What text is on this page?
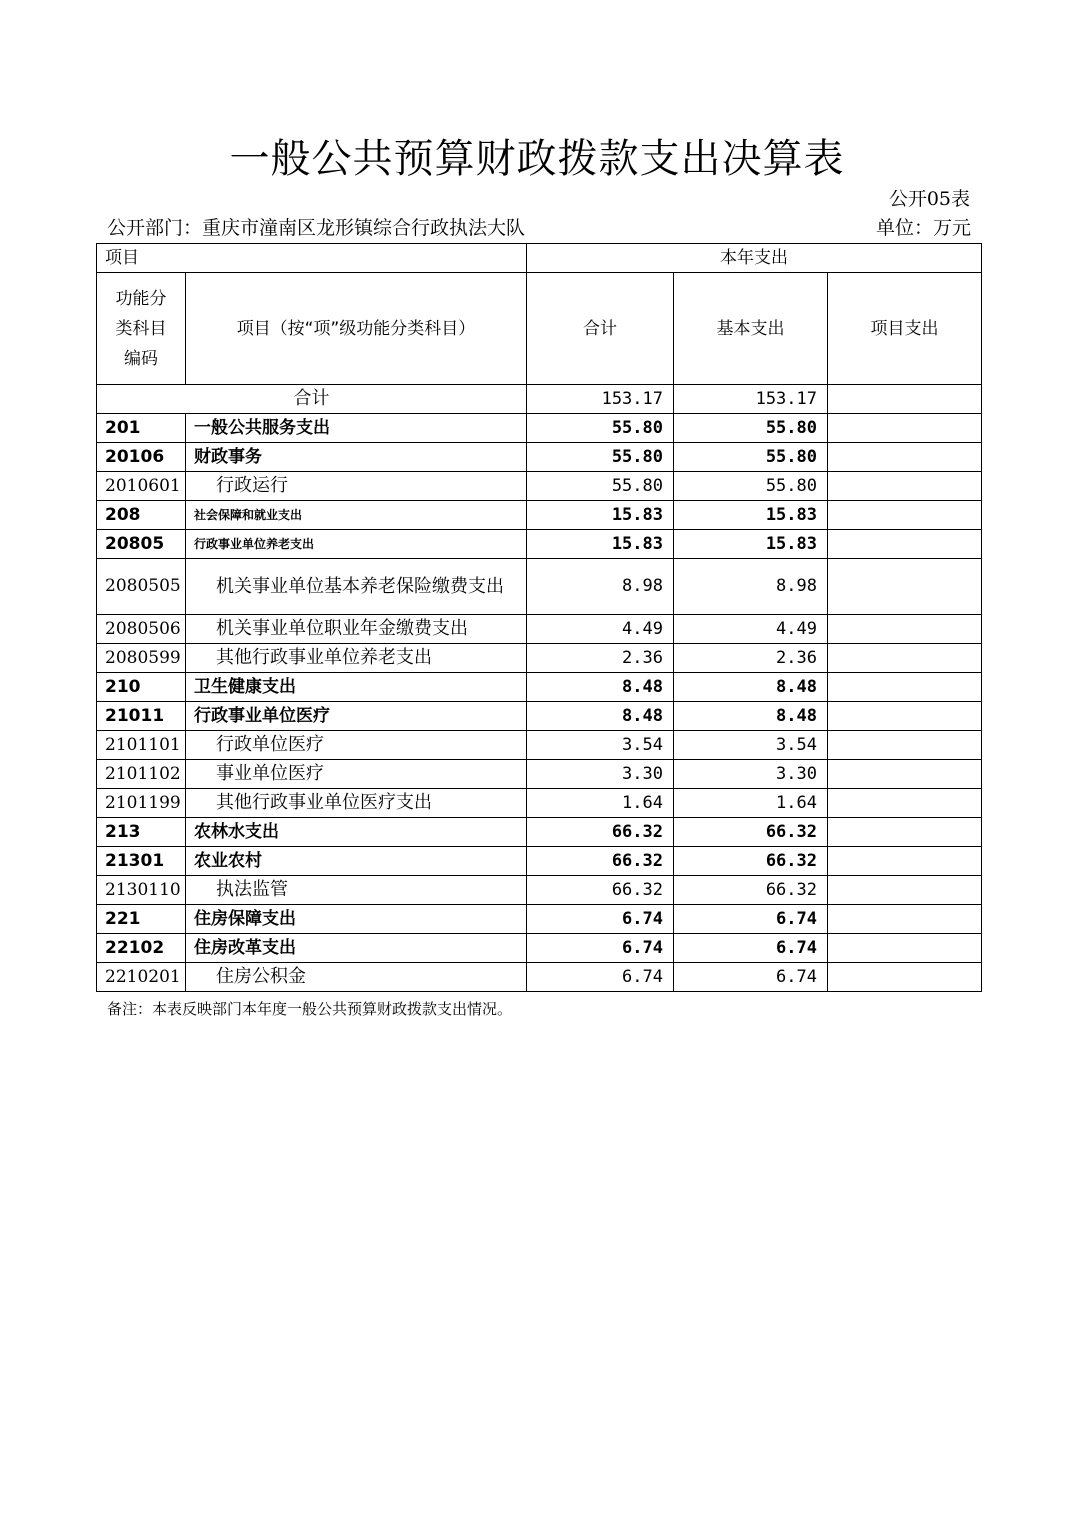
一般公共预算财政拨款支出决算表
公开05表
公开部门：重庆市潼南区龙形镇综合行政执法大队	单位：万元
项目		本年支出		
功能分
类科目
编码	项目（按“项”级功能分类科目）	合计	基本支出	项目支出
合计		153.17	153.17	
201	一般公共服务支出	55.80	55.80	
20106	财政事务	55.80	55.80	
2010601	行政运行	55.80	55.80	
208	社会保障和就业支出	15.83	15.83	
20805	行政事业单位养老支出	15.83	15.83	
2080505	机关事业单位基本养老保险缴费支出	8.98	8.98	
2080506	机关事业单位职业年金缴费支出	4.49	4.49	
2080599	其他行政事业单位养老支出	2.36	2.36	
210	卫生健康支出	8.48	8.48	
21011	行政事业单位医疗	8.48	8.48	
2101101	行政单位医疗	3.54	3.54	
2101102	事业单位医疗	3.30	3.30	
2101199	其他行政事业单位医疗支出	1.64	1.64	
213	农林水支出	66.32	66.32	
21301	农业农村	66.32	66.32	
2130110	执法监管	66.32	66.32	
221	住房保障支出	6.74	6.74	
22102	住房改革支出	6.74	6.74	
2210201	住房公积金	6.74	6.74	
备注：本表反映部门本年度一般公共预算财政拨款支出情况。
